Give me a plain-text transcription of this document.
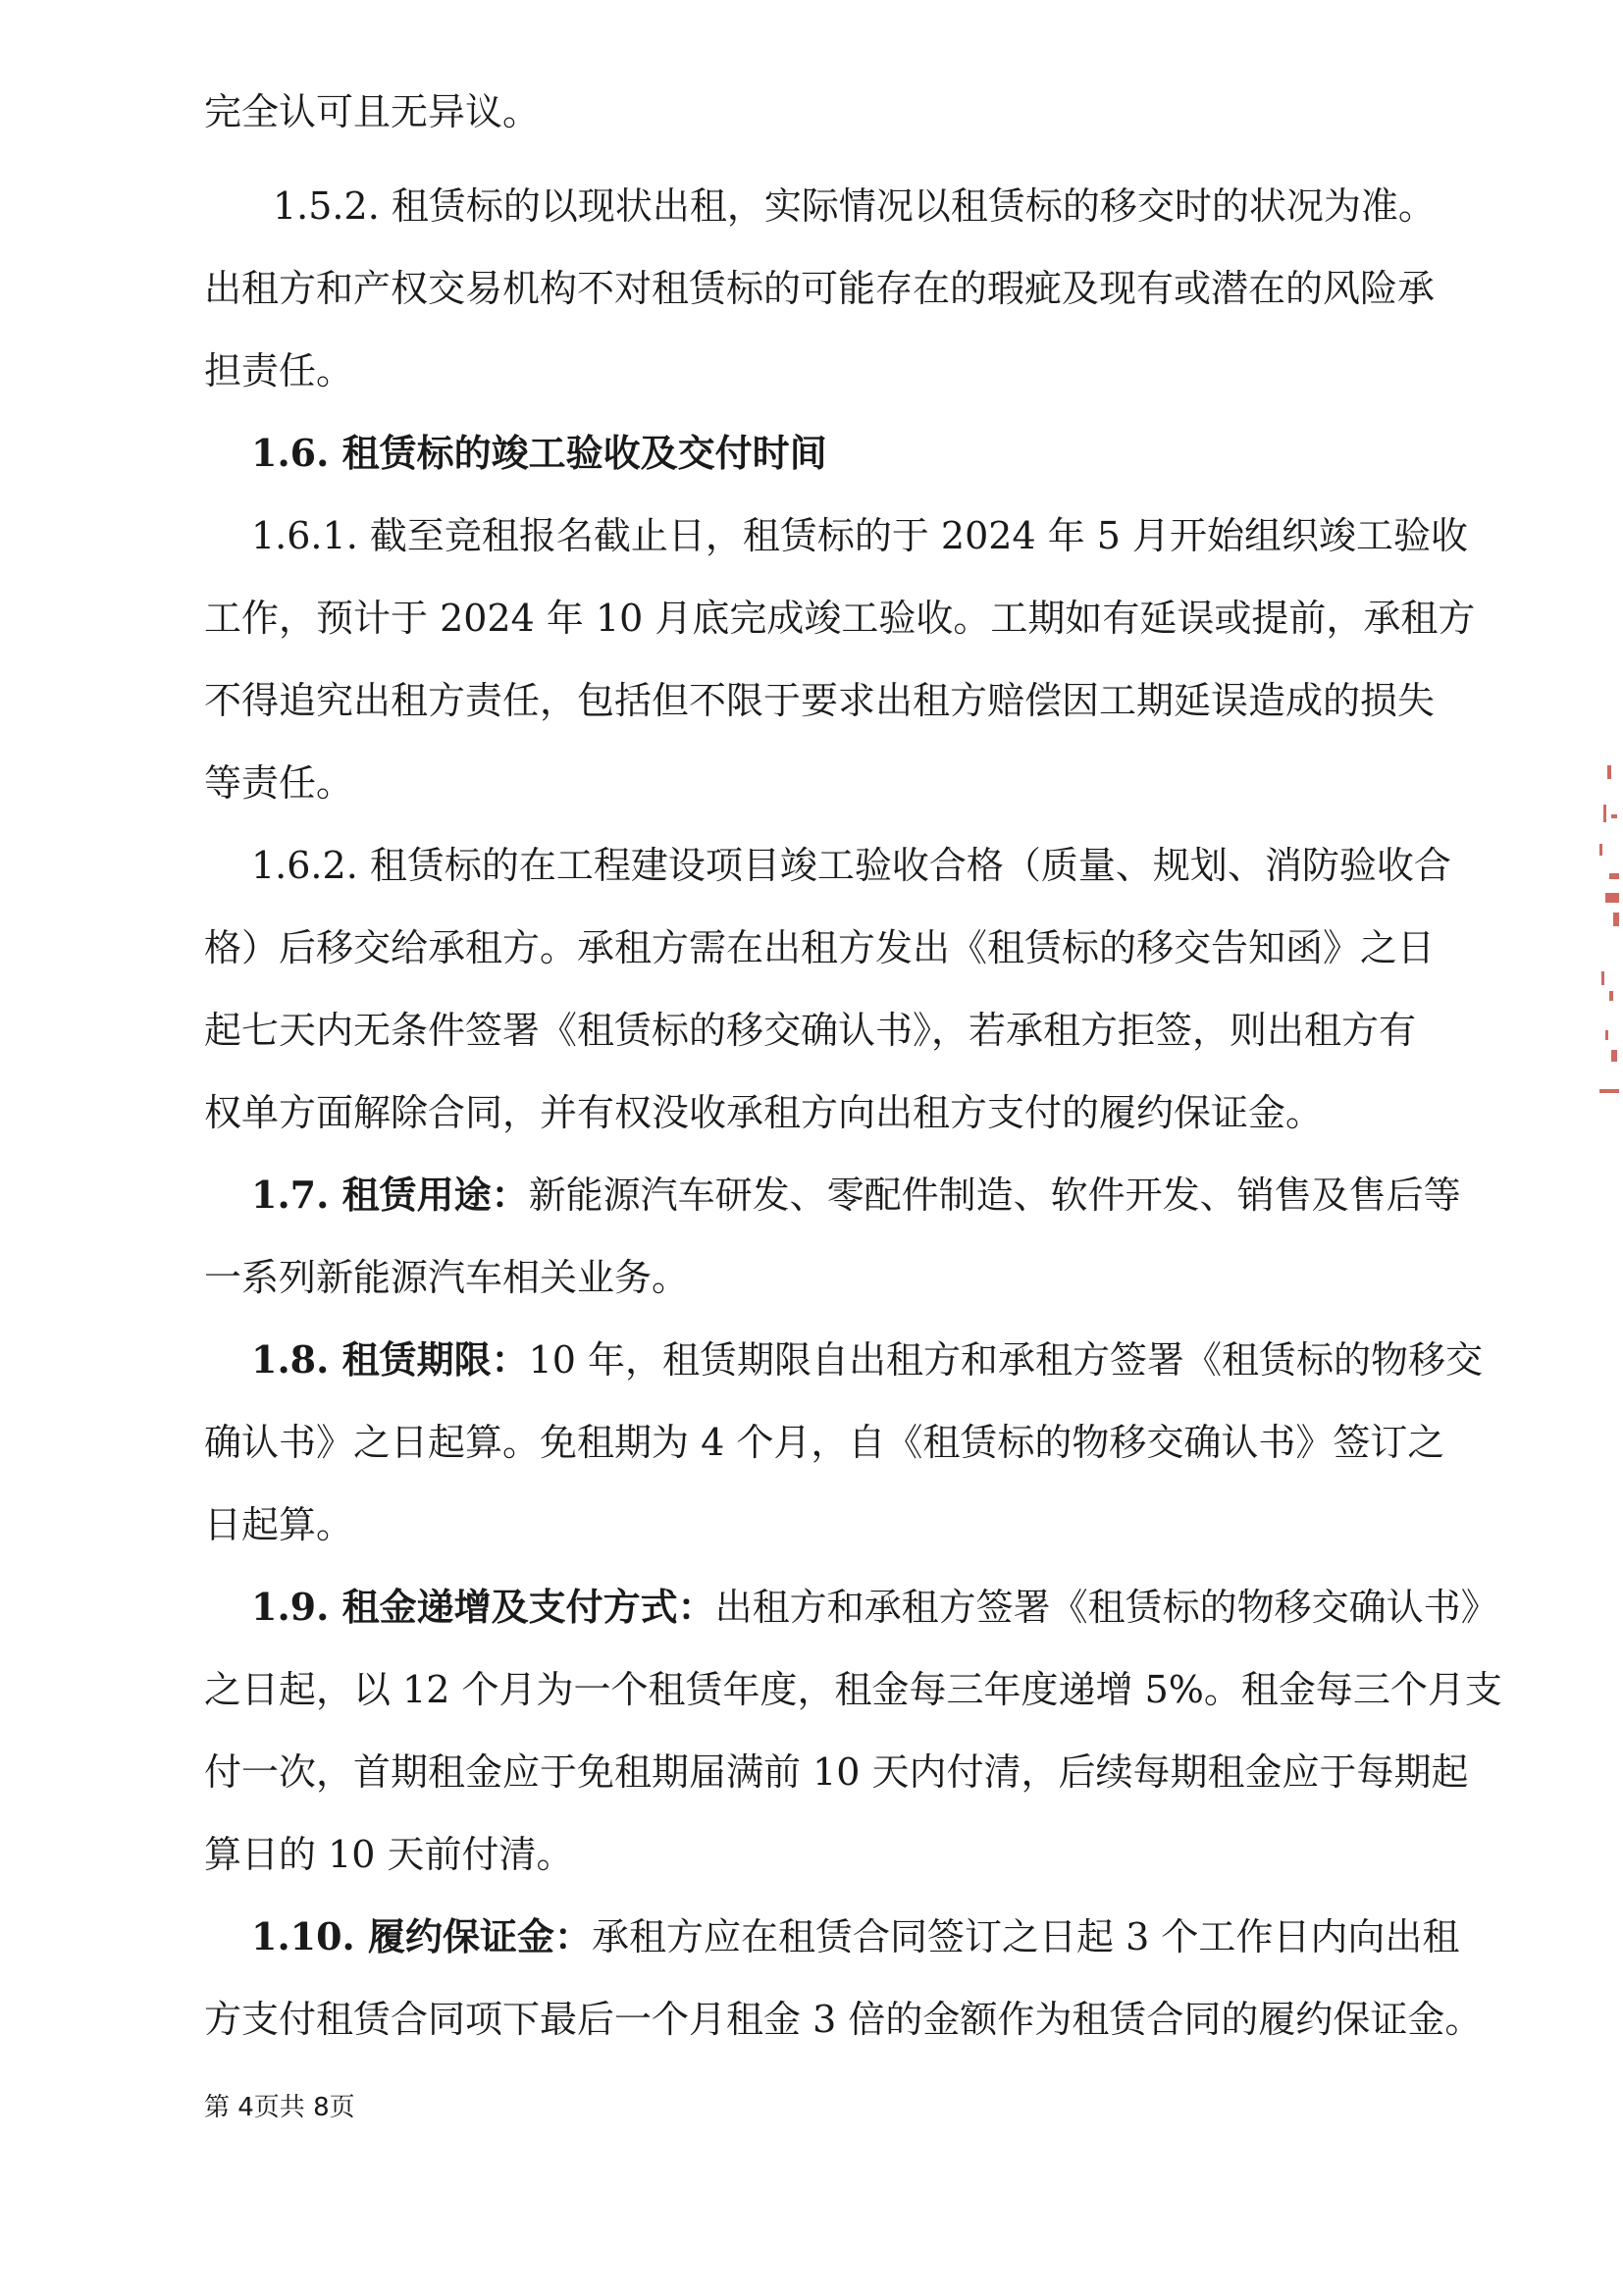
完全认可且无异议。
1.5.2. 租赁标的以现状出租，实际情况以租赁标的移交时的状况为准。
出租方和产权交易机构不对租赁标的可能存在的瑕疵及现有或潜在的风险承
担责任。
1.6. 租赁标的竣工验收及交付时间
1.6.1. 截至竞租报名截止日，租赁标的于 2024 年 5 月开始组织竣工验收
工作，预计于 2024 年 10 月底完成竣工验收。工期如有延误或提前，承租方
不得追究出租方责任，包括但不限于要求出租方赔偿因工期延误造成的损失
等责任。
1.6.2. 租赁标的在工程建设项目竣工验收合格（质量、规划、消防验收合
格）后移交给承租方。承租方需在出租方发出《租赁标的移交告知函》之日
起七天内无条件签署《租赁标的移交确认书》，若承租方拒签，则出租方有
权单方面解除合同，并有权没收承租方向出租方支付的履约保证金。
1.7. 租赁用途：新能源汽车研发、零配件制造、软件开发、销售及售后等
一系列新能源汽车相关业务。
1.8. 租赁期限：10 年，租赁期限自出租方和承租方签署《租赁标的物移交
确认书》之日起算。免租期为 4 个月，自《租赁标的物移交确认书》签订之
日起算。
1.9. 租金递增及支付方式：出租方和承租方签署《租赁标的物移交确认书》
之日起，以 12 个月为一个租赁年度，租金每三年度递增 5%。租金每三个月支
付一次，首期租金应于免租期届满前 10 天内付清，后续每期租金应于每期起
算日的 10 天前付清。
1.10. 履约保证金：承租方应在租赁合同签订之日起 3 个工作日内向出租
方支付租赁合同项下最后一个月租金 3 倍的金额作为租赁合同的履约保证金。
第 4页共 8页
